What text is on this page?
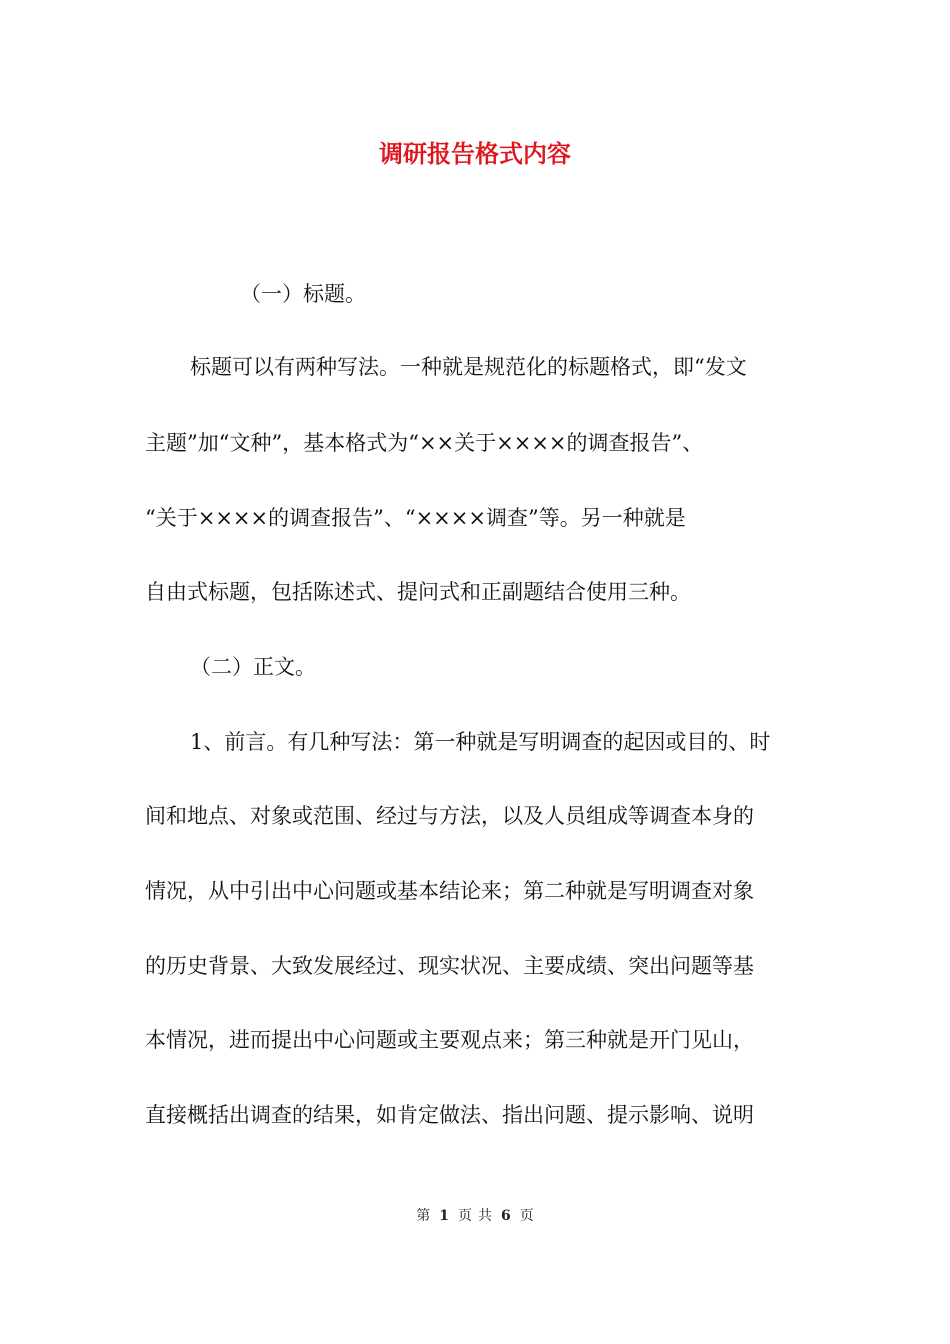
调研报告格式内容

（一）标题。

标题可以有两种写法。一种就是规范化的标题格式，即“发文

主题”加“文种”，基本格式为“××关于××××的调查报告”、

“关于××××的调查报告”、“××××调查”等。另一种就是

自由式标题，包括陈述式、提问式和正副题结合使用三种。

（二）正文。

1、前言。有几种写法：第一种就是写明调查的起因或目的、时

间和地点、对象或范围、经过与方法，以及人员组成等调查本身的

情况，从中引出中心问题或基本结论来；第二种就是写明调查对象

的历史背景、大致发展经过、现实状况、主要成绩、突出问题等基

本情况，进而提出中心问题或主要观点来；第三种就是开门见山，

直接概括出调查的结果，如肯定做法、指出问题、提示影响、说明

第 1 页 共 6 页
